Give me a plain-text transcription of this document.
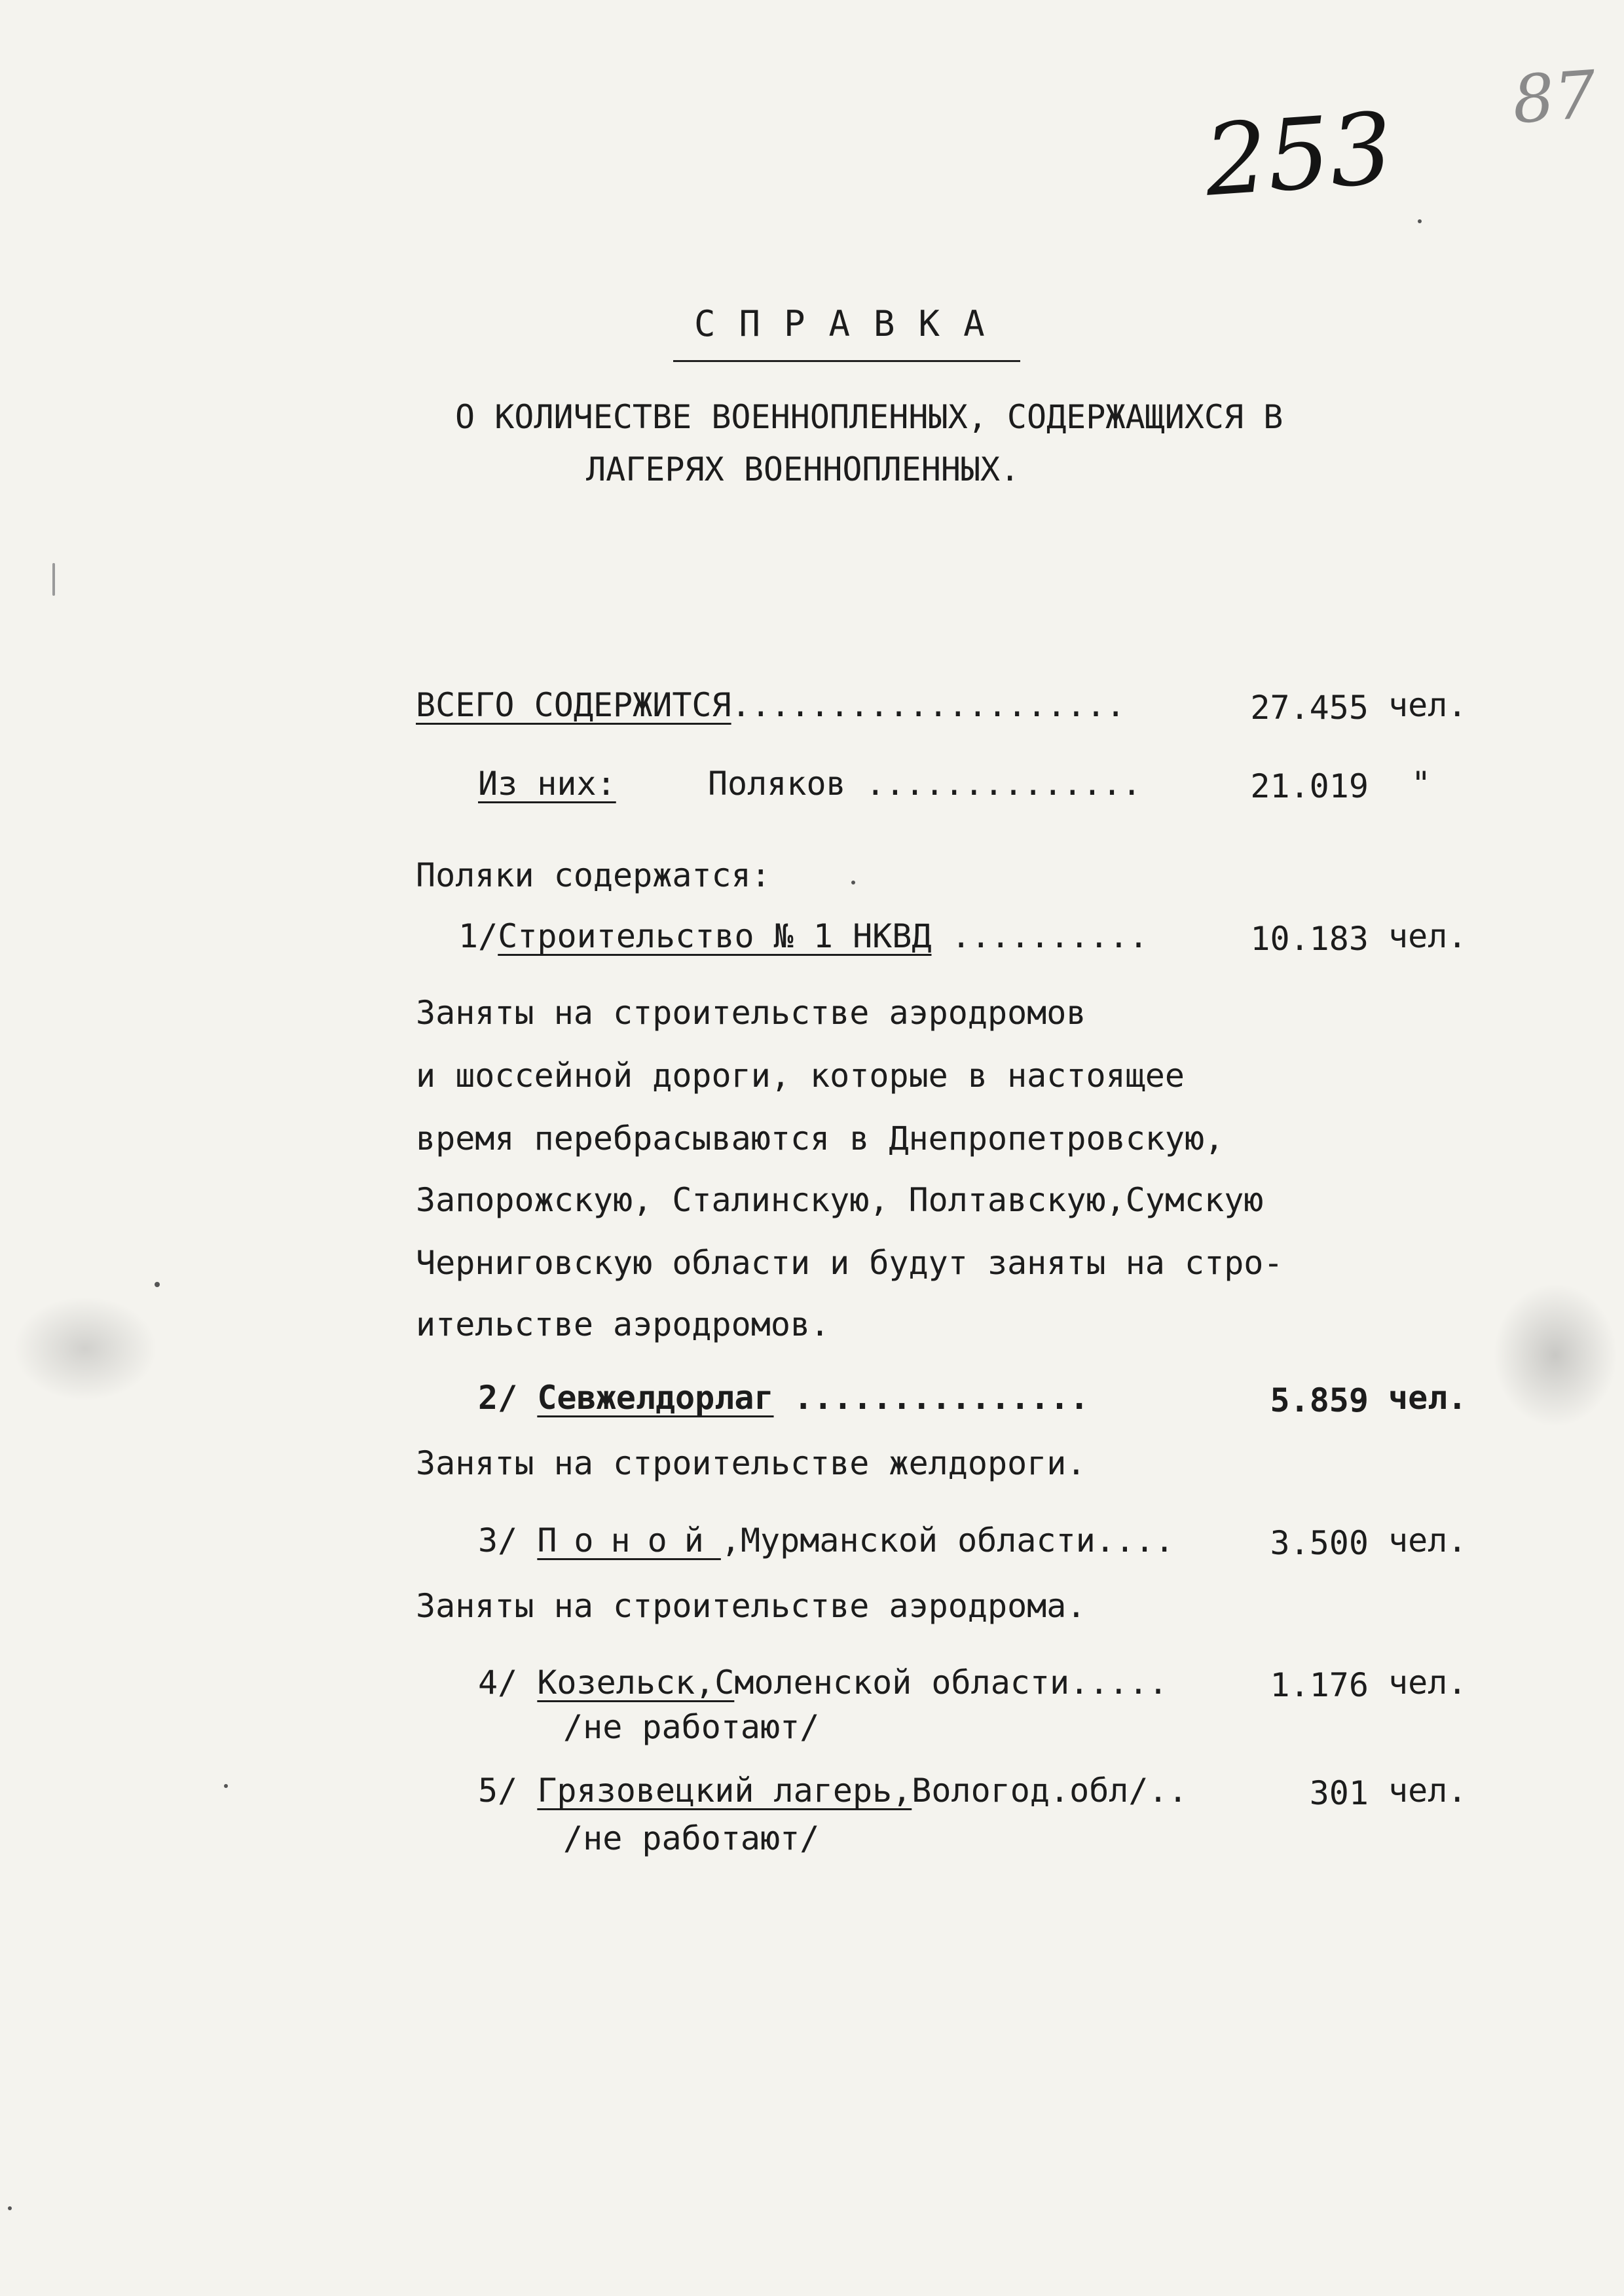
253 87
СПРАВКА
О КОЛИЧЕСТВЕ ВОЕННОПЛЕННЫХ, СОДЕРЖАЩИХСЯ В
ЛАГЕРЯХ ВОЕННОПЛЕННЫХ.
ВСЕГО СОДЕРЖИТСЯ....................	27.455 чел.
Из них:	Поляков ..............	21.019 "
Поляки содержатся:
1/Строительство № 1 НКВД ..........	10.183 чел.
Заняты на строительстве аэродромов
и шоссейной дороги, которые в настоящее
время перебрасываются в Днепропетровскую,
Запорожскую, Сталинскую, Полтавскую,Сумскую
Черниговскую области и будут заняты на стро-
ительстве аэродромов.
2/ Севжелдорлаг ...............	5.859 чел.
Заняты на строительстве желдороги.
3/ Поной,Мурманской области....	3.500 чел.
Заняты на строительстве аэродрома.
4/ Козельск,Смоленской области.....	1.176 чел.
/не работают/
5/ Грязовецкий лагерь,Вологод.обл/..	301 чел.
/не работают/
